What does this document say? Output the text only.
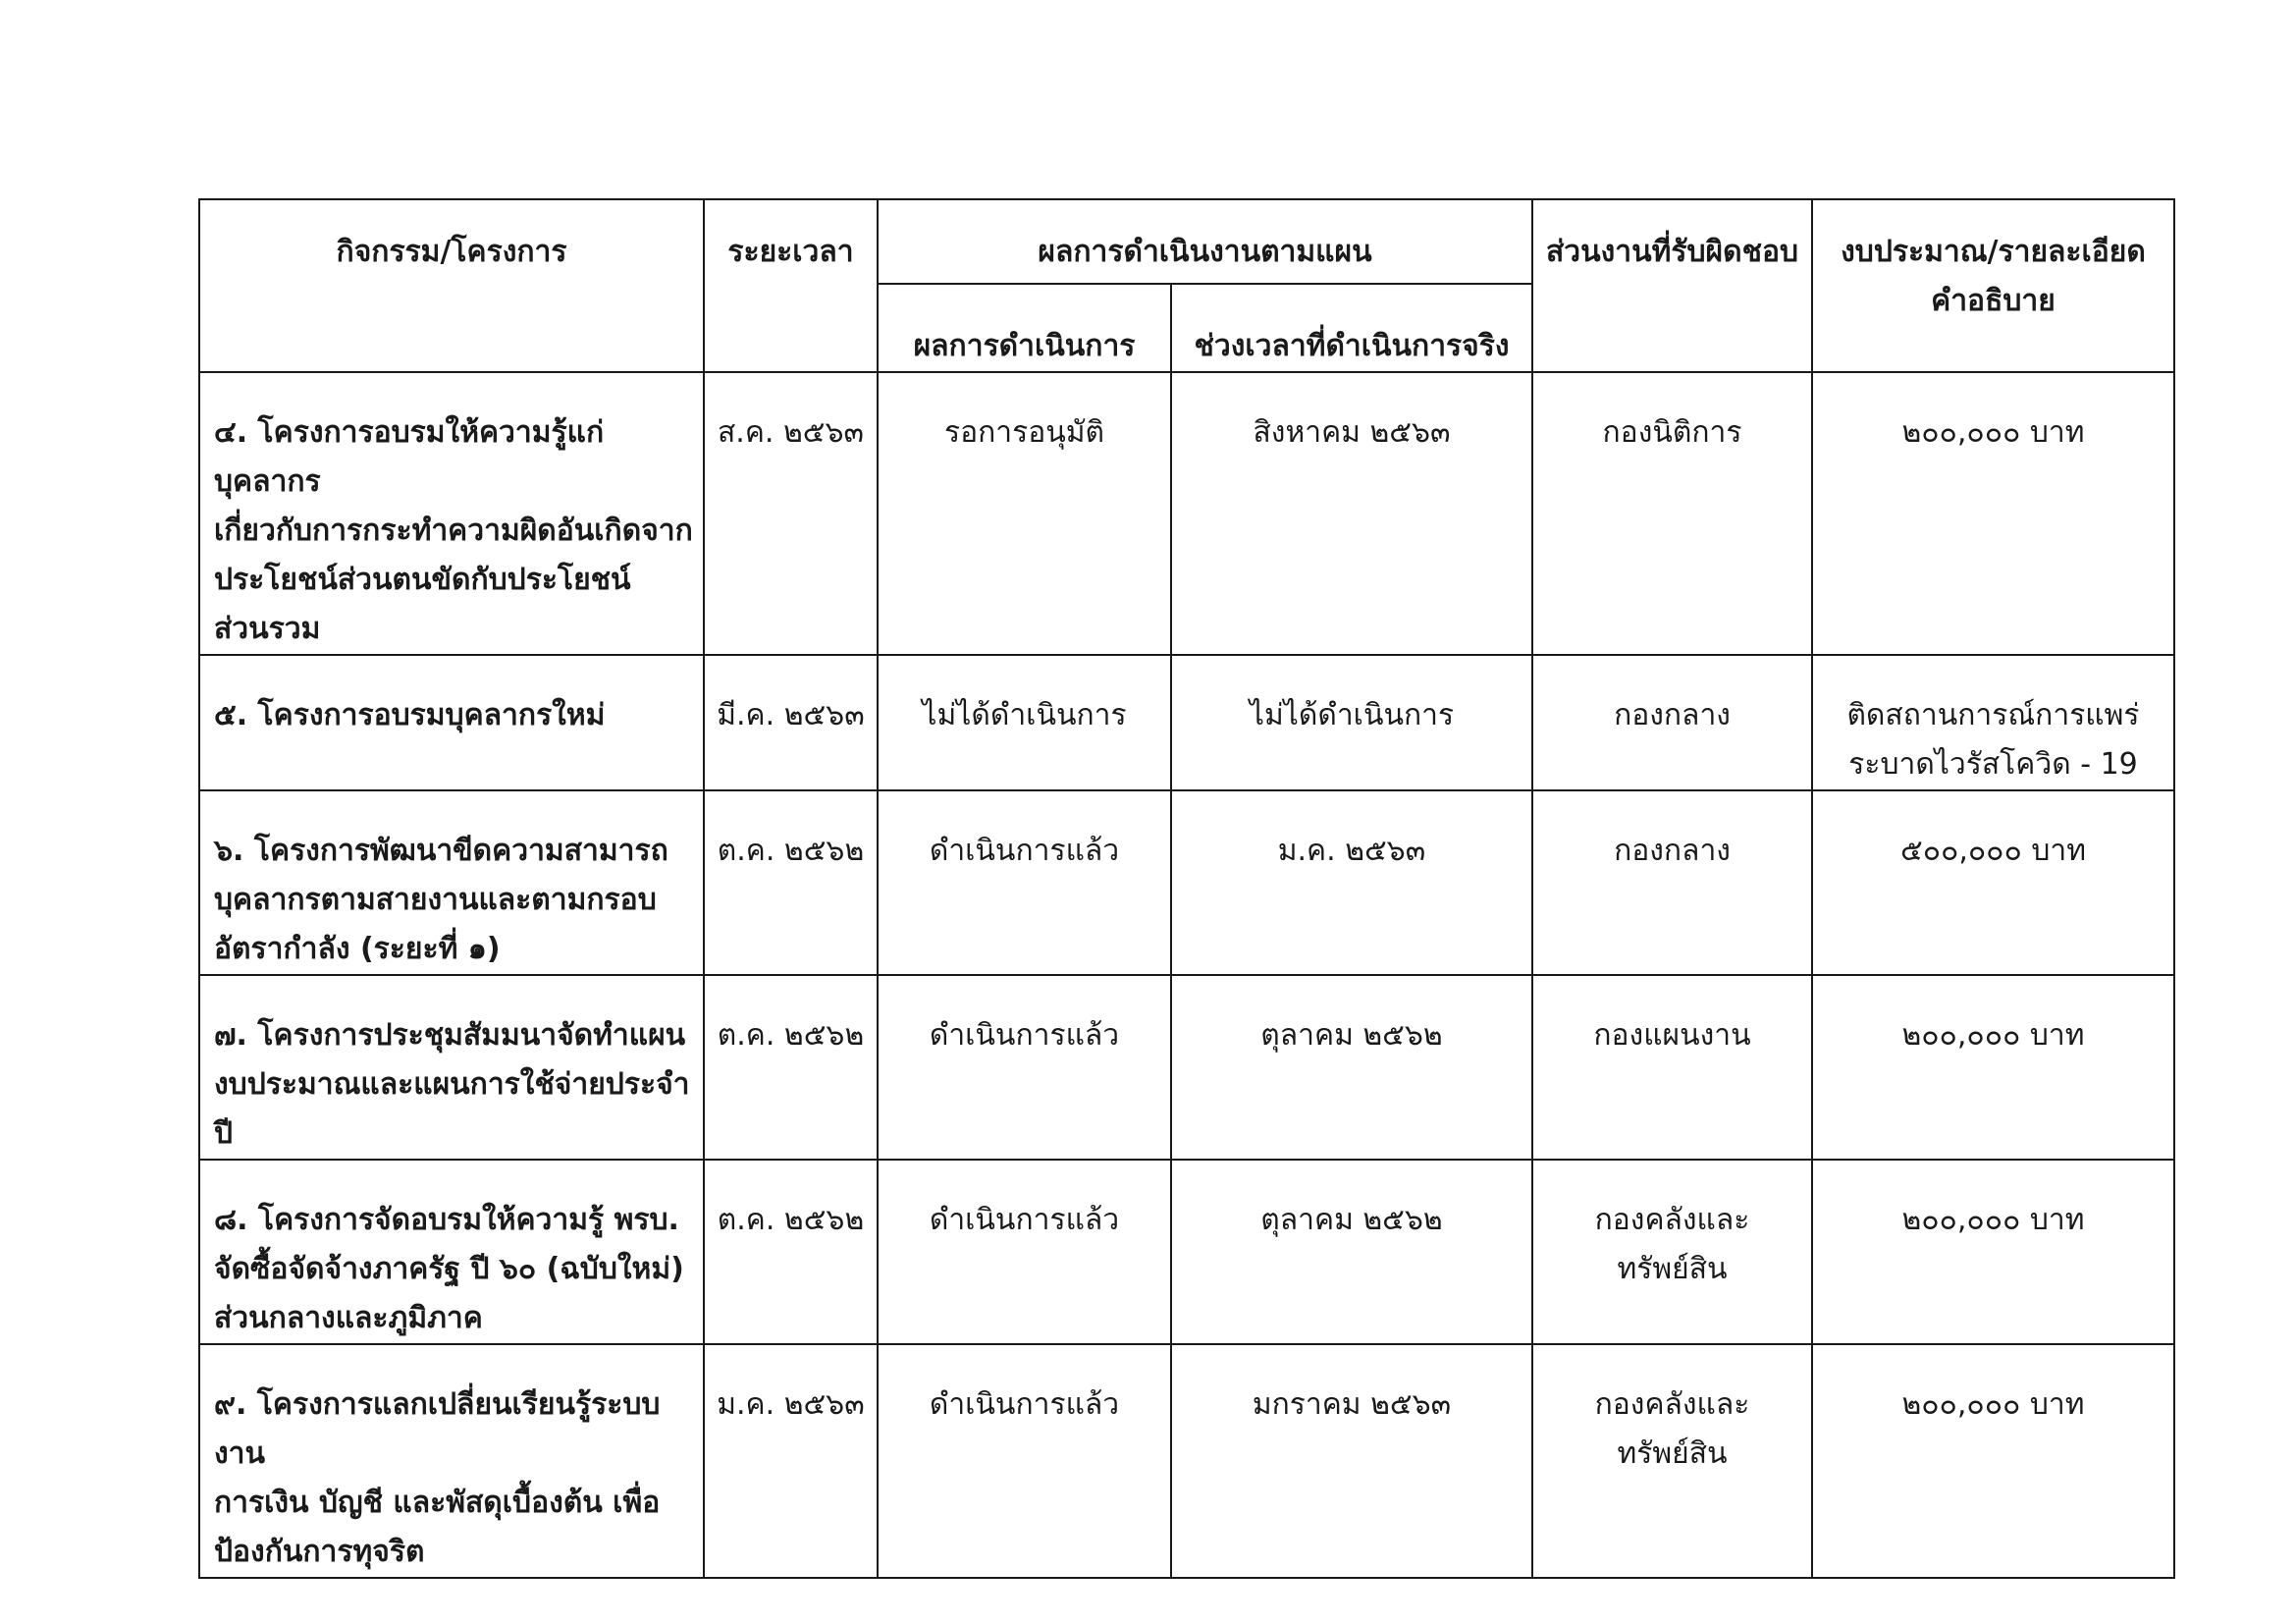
กิจกรรม/โครงการ	ระยะเวลา	ผลการดำเนินงานตามแผน		ส่วนงานที่รับผิดชอบ	งบประมาณ/รายละเอียด
คำอธิบาย

		ผลการดำเนินการ	ช่วงเวลาที่ดำเนินการจริง		

๔. โครงการอบรมให้ความรู้แก่บุคลากร
เกี่ยวกับการกระทำความผิดอันเกิดจาก
ประโยชน์ส่วนตนขัดกับประโยชน์
ส่วนรวม	ส.ค. ๒๕๖๓	รอการอนุมัติ	สิงหาคม ๒๕๖๓	กองนิติการ	๒๐๐,๐๐๐ บาท

๕. โครงการอบรมบุคลากรใหม่	มี.ค. ๒๕๖๓	ไม่ได้ดำเนินการ	ไม่ได้ดำเนินการ	กองกลาง	ติดสถานการณ์การแพร่
ระบาดไวรัสโควิด - 19

๖. โครงการพัฒนาขีดความสามารถ
บุคลากรตามสายงานและตามกรอบ
อัตรากำลัง (ระยะที่ ๑)	ต.ค. ๒๕๖๒	ดำเนินการแล้ว	ม.ค. ๒๕๖๓	กองกลาง	๕๐๐,๐๐๐ บาท

๗. โครงการประชุมสัมมนาจัดทำแผน
งบประมาณและแผนการใช้จ่ายประจำปี	ต.ค. ๒๕๖๒	ดำเนินการแล้ว	ตุลาคม ๒๕๖๒	กองแผนงาน	๒๐๐,๐๐๐ บาท

๘. โครงการจัดอบรมให้ความรู้ พรบ.
จัดซื้อจัดจ้างภาครัฐ ปี ๖๐ (ฉบับใหม่)
ส่วนกลางและภูมิภาค	ต.ค. ๒๕๖๒	ดำเนินการแล้ว	ตุลาคม ๒๕๖๒	กองคลังและทรัพย์สิน	๒๐๐,๐๐๐ บาท

๙. โครงการแลกเปลี่ยนเรียนรู้ระบบงาน
การเงิน บัญชี และพัสดุเบื้องต้น เพื่อ
ป้องกันการทุจริต	ม.ค. ๒๕๖๓	ดำเนินการแล้ว	มกราคม ๒๕๖๓	กองคลังและทรัพย์สิน	๒๐๐,๐๐๐ บาท
